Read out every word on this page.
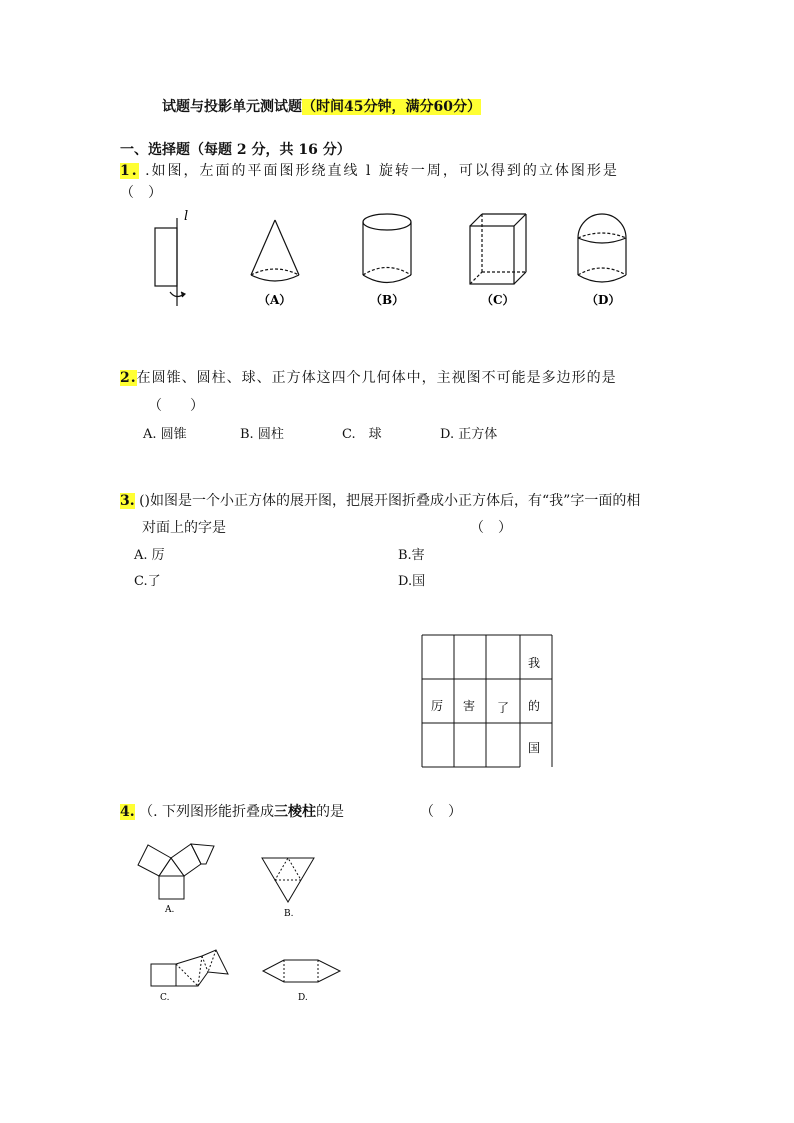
试题与投影单元测试题（时间45分钟，满分60分）
一、选择题（每题 2 分，共 16 分）
1. .如图，左面的平面图形绕直线 l 旋转一周，可以得到的立体图形是
（　）
l
（A）	（B）	（C）	（D）
2.在圆锥、圆柱、球、正方体这四个几何体中，主视图不可能是多边形的是
（　　）
A. 圆锥	B. 圆柱	C.　球	D. 正方体
3. ()如图是一个小正方体的展开图，把展开图折叠成小正方体后，有“我”字一面的相
对面上的字是	（　）
A. 厉	B.害
C.了	D.国
我
厉 害 了 的
国
4. （. 下列图形能折叠成三棱柱的是	（　）
A.	B.
C.	D.
